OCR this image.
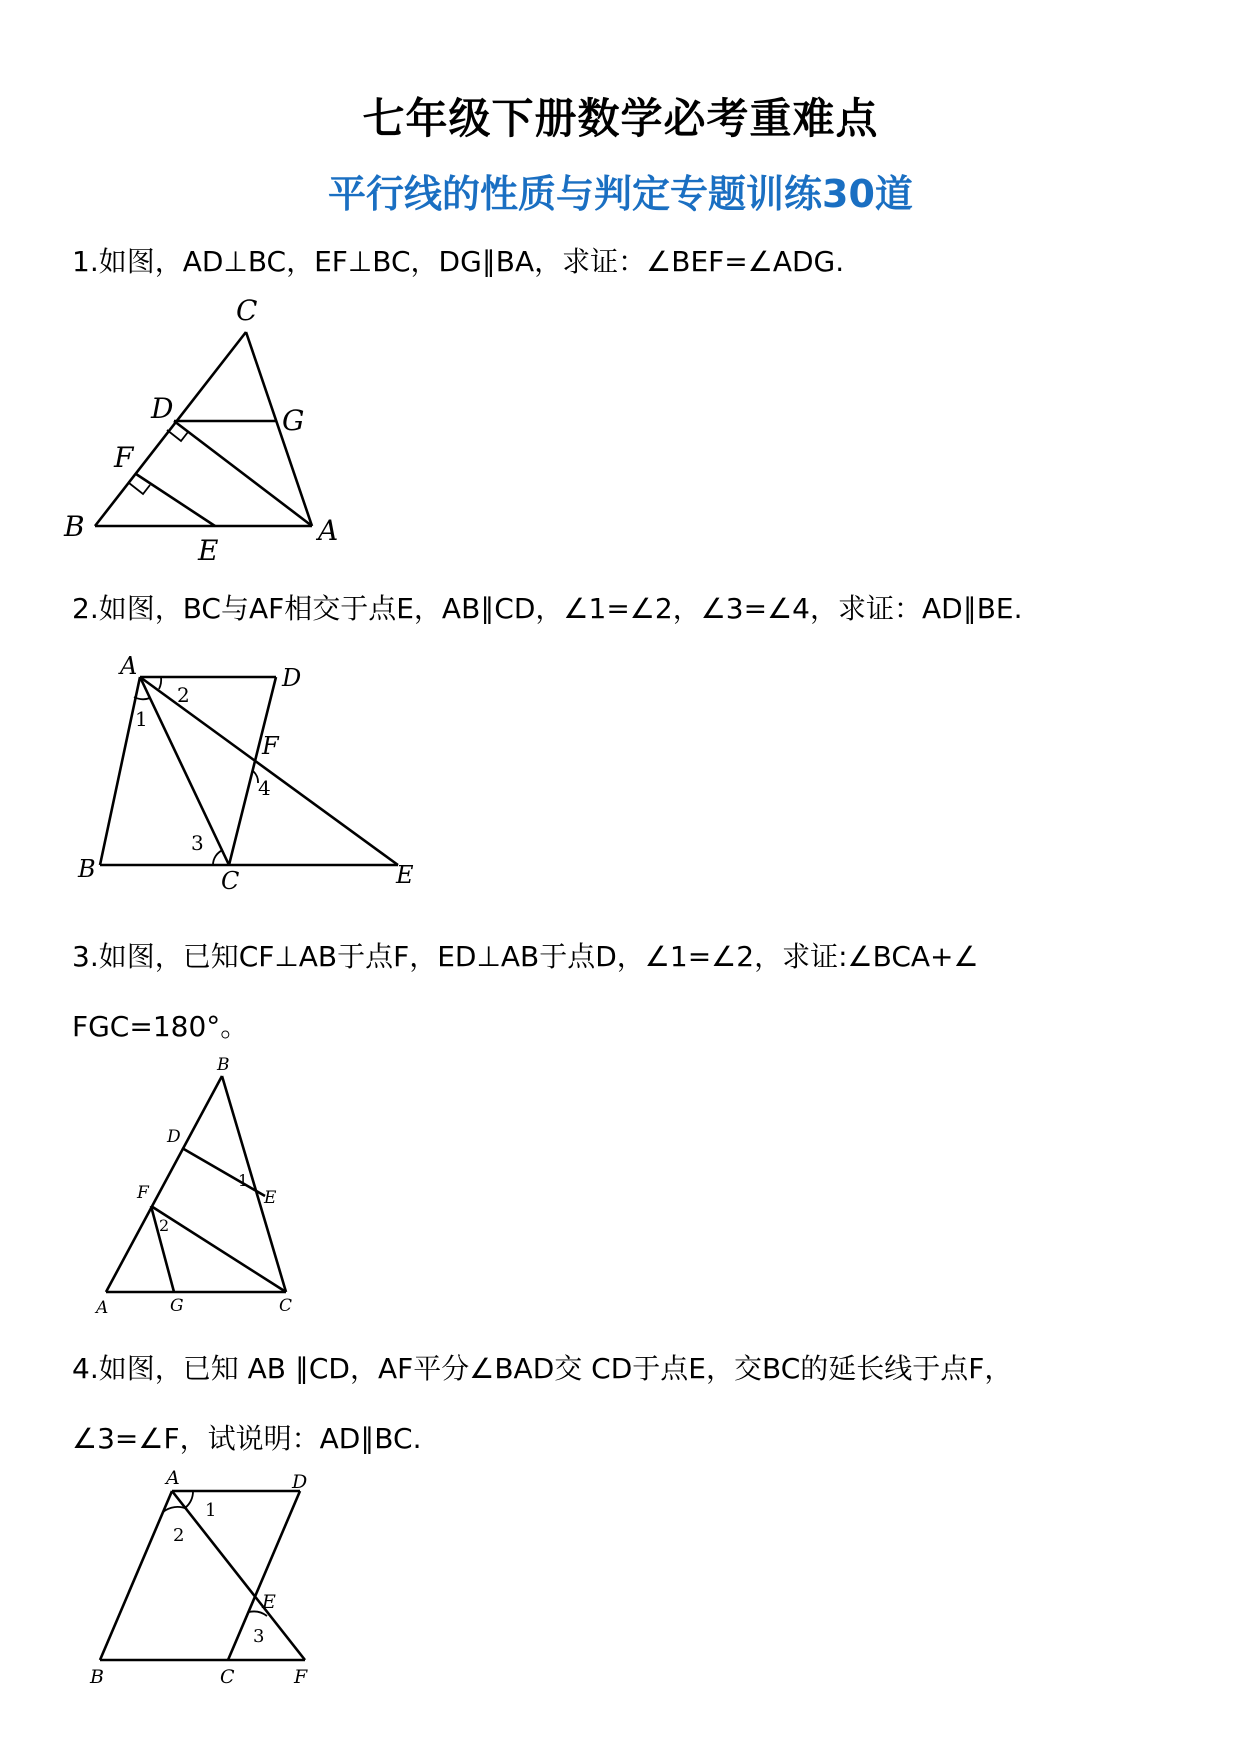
七年级下册数学必考重难点
平行线的性质与判定专题训练30道
1.如图，AD⊥BC，EF⊥BC，DG∥BA，求证：∠BEF=∠ADG.
C
D	G
F
B
E
A
2.如图，BC与AF相交于点E，AB∥CD，∠1=∠2，∠3=∠4，求证：AD∥BE.
A	D
F
B	C	E
1
2
3
4
3.如图，已知CF⊥AB于点F，ED⊥AB于点D，∠1=∠2，求证:∠BCA+∠
FGC=180°。
B
D
E
F
A	G	C
1
2
4.如图，已知 AB ∥CD，AF平分∠BAD交 CD于点E，交BC的延长线于点F，
∠3=∠F，试说明：AD∥BC.
A	D
E
B	C	F
1
2
3
